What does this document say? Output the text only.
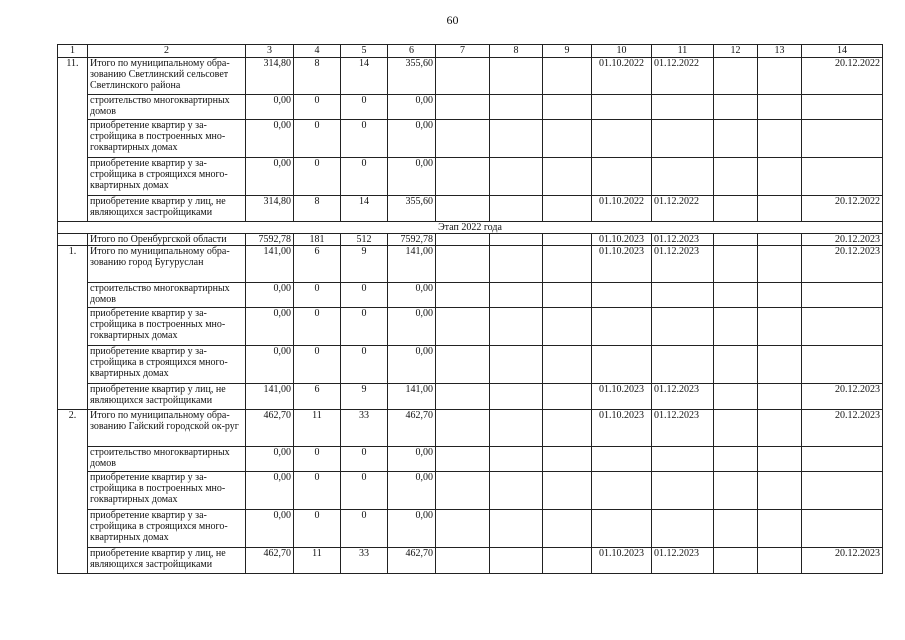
60
1	2	3	4	5	6	7	8	9	10	11	12	13	14
11.	Итого по муниципальному обра-зованию Светлинский сельсовет Светлинского района	314,80	8	14	355,60				01.10.2022	01.12.2022			20.12.2022
	строительство многоквартирных домов	0,00	0	0	0,00								
	приобретение квартир у за-стройщика в построенных мно-гоквартирных домах	0,00	0	0	0,00								
	приобретение квартир у за-стройщика в строящихся много-квартирных домах	0,00	0	0	0,00								
	приобретение квартир у лиц, не являющихся застройщиками	314,80	8	14	355,60				01.10.2022	01.12.2022			20.12.2022
Этап 2022 года													
	Итого по Оренбургской области	7592,78	181	512	7592,78				01.10.2023	01.12.2023			20.12.2023
1.	Итого по муниципальному обра-зованию город Бугуруслан	141,00	6	9	141,00				01.10.2023	01.12.2023			20.12.2023
	строительство многоквартирных домов	0,00	0	0	0,00								
	приобретение квартир у за-стройщика в построенных мно-гоквартирных домах	0,00	0	0	0,00								
	приобретение квартир у за-стройщика в строящихся много-квартирных домах	0,00	0	0	0,00								
	приобретение квартир у лиц, не являющихся застройщиками	141,00	6	9	141,00				01.10.2023	01.12.2023			20.12.2023
2.	Итого по муниципальному обра-зованию Гайский городской ок-руг	462,70	11	33	462,70				01.10.2023	01.12.2023			20.12.2023
	строительство многоквартирных домов	0,00	0	0	0,00								
	приобретение квартир у за-стройщика в построенных мно-гоквартирных домах	0,00	0	0	0,00								
	приобретение квартир у за-стройщика в строящихся много-квартирных домах	0,00	0	0	0,00								
	приобретение квартир у лиц, не являющихся застройщиками	462,70	11	33	462,70				01.10.2023	01.12.2023			20.12.2023
